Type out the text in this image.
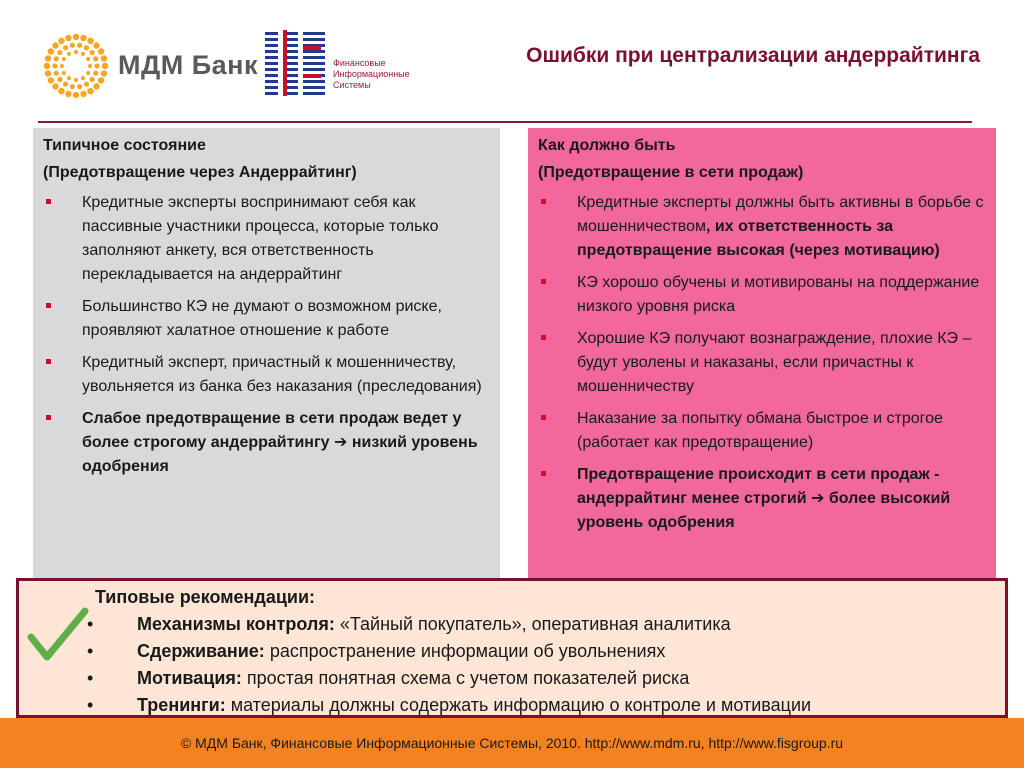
МДМ Банк	Финансовые
Информационные
Системы
Ошибки при централизации андеррайтинга
Типичное состояние
(Предотвращение через Андеррайтинг)
Кредитные эксперты воспринимают себя как пассивные участники процесса, которые только заполняют анкету, вся ответственность перекладывается на андеррайтинг
Большинство КЭ не думают о возможном риске, проявляют халатное отношение к работе
Кредитный эксперт, причастный к мошенничеству, увольняется из банка без наказания (преследования)
Слабое предотвращение в сети продаж ведет у более строгому андеррайтингу ➔ низкий уровень одобрения
Как должно быть
(Предотвращение в сети продаж)
Кредитные эксперты должны быть активны в борьбе с мошенничеством, их ответственность за предотвращение высокая (через мотивацию)
КЭ хорошо обучены и мотивированы на поддержание низкого уровня риска
Хорошие КЭ получают вознаграждение, плохие КЭ – будут уволены и наказаны, если причастны к мошенничеству
Наказание за попытку обмана быстрое и строгое (работает как предотвращение)
Предотвращение происходит в сети продаж - андеррайтинг менее строгий ➔ более высокий уровень одобрения
Типовые рекомендации:
• Механизмы контроля: «Тайный покупатель», оперативная аналитика
• Сдерживание: распространение информации об увольнениях
• Мотивация: простая понятная схема с учетом показателей риска
• Тренинги: материалы должны содержать информацию о контроле и мотивации
© МДМ Банк, Финансовые Информационные Системы, 2010. http://www.mdm.ru, http://www.fisgroup.ru
